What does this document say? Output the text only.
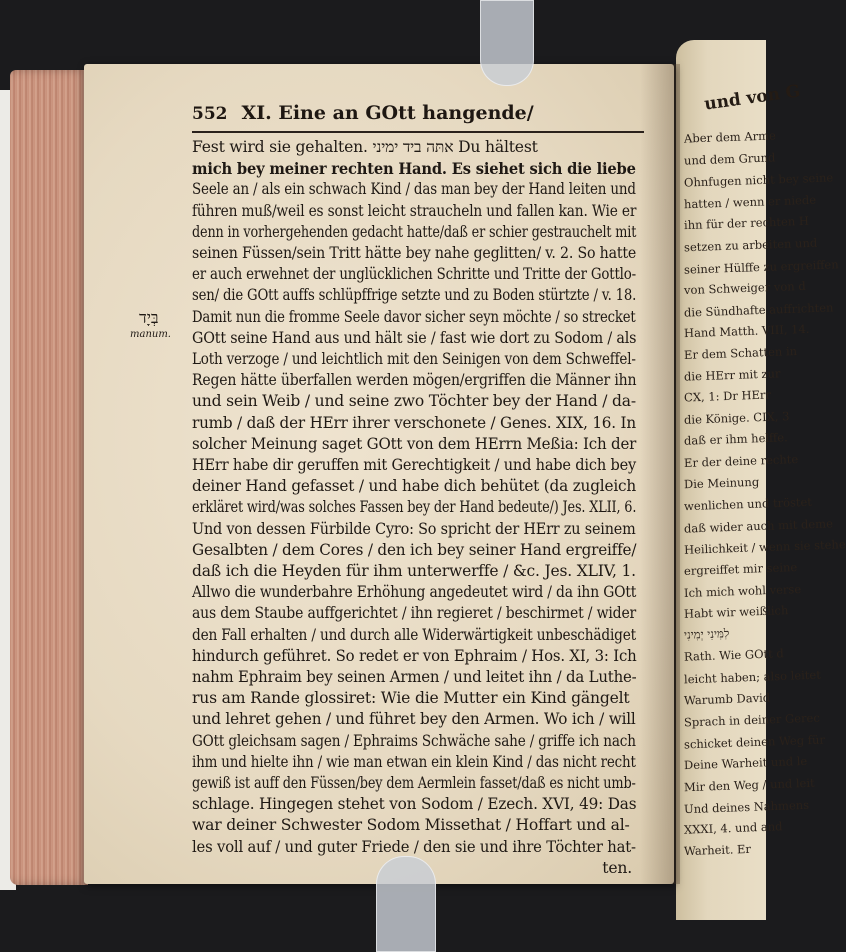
und von G
Aber dem Arme
und dem Grund
Ohnfugen nicht bey seine
hatten / wenn er niede
ihn für der rechten H
setzen zu arbeiten und
seiner Hülffe zu ergreiffen
von Schweiger von d
die Sündhafte auffrichten
Hand Matth. VIII, 14.
Er dem Schatten in
die HErr mit zur
CX, 1: Dr HErr
die Könige. CIX, 3
daß er ihm helffe.
Er der deine rechte
Die Meinung
wenlichen und tröstet
daß wider auch mit deme
Heilichkeit / wenn sie stehe
ergreiffet mir seine
Ich mich wohl verse
Habt wir weißlich
לִמִּינִי יְמִינִי
Rath. Wie GOtt d
leicht haben; also leitet
Warumb David
Sprach in deiner Gerec
schicket deinen Weg für
Deine Warheit und le
Mir den Weg / und leit
Und deines Nahmens
XXXI, 4. und and
Warheit. Er
552 XI. Eine an GOtt hangende/
בְּיָד
manum.
Fest wird sie gehalten. אתּה ביד ימיני Du hältest
mich bey meiner rechten Hand. Es siehet sich die liebe
Seele an / als ein schwach Kind / das man bey der Hand leiten und
führen muß/weil es sonst leicht straucheln und fallen kan. Wie er
denn in vorhergehenden gedacht hatte/daß er schier gestrauchelt mit
seinen Füssen/sein Tritt hätte bey nahe geglitten/ v. 2. So hatte
er auch erwehnet der unglücklichen Schritte und Tritte der Gottlo-
sen/ die GOtt auffs schlüpffrige setzte und zu Boden stürtzte / v. 18.
Damit nun die fromme Seele davor sicher seyn möchte / so strecket
GOtt seine Hand aus und hält sie / fast wie dort zu Sodom / als
Loth verzoge / und leichtlich mit den Seinigen von dem Schweffel-
Regen hätte überfallen werden mögen/ergriffen die Männer ihn
und sein Weib / und seine zwo Töchter bey der Hand / da-
rumb / daß der HErr ihrer verschonete / Genes. XIX, 16. In
solcher Meinung saget GOtt von dem HErrn Meßia: Ich der
HErr habe dir geruffen mit Gerechtigkeit / und habe dich bey
deiner Hand gefasset / und habe dich behütet (da zugleich
erkläret wird/was solches Fassen bey der Hand bedeute/) Jes. XLII, 6.
Und von dessen Fürbilde Cyro: So spricht der HErr zu seinem
Gesalbten / dem Cores / den ich bey seiner Hand ergreiffe/
daß ich die Heyden für ihm unterwerffe / &c. Jes. XLIV, 1.
Allwo die wunderbahre Erhöhung angedeutet wird / da ihn GOtt
aus dem Staube auffgerichtet / ihn regieret / beschirmet / wider
den Fall erhalten / und durch alle Widerwärtigkeit unbeschädiget
hindurch geführet. So redet er von Ephraim / Hos. XI, 3: Ich
nahm Ephraim bey seinen Armen / und leitet ihn / da Luthe-
rus am Rande glossiret: Wie die Mutter ein Kind gängelt
und lehret gehen / und führet bey den Armen. Wo ich / will
GOtt gleichsam sagen / Ephraims Schwäche sahe / griffe ich nach
ihm und hielte ihn / wie man etwan ein klein Kind / das nicht recht
gewiß ist auff den Füssen/bey dem Aermlein fasset/daß es nicht umb-
schlage. Hingegen stehet von Sodom / Ezech. XVI, 49: Das
war deiner Schwester Sodom Missethat / Hoffart und al-
les voll auf / und guter Friede / den sie und ihre Töchter hat-
ten.
